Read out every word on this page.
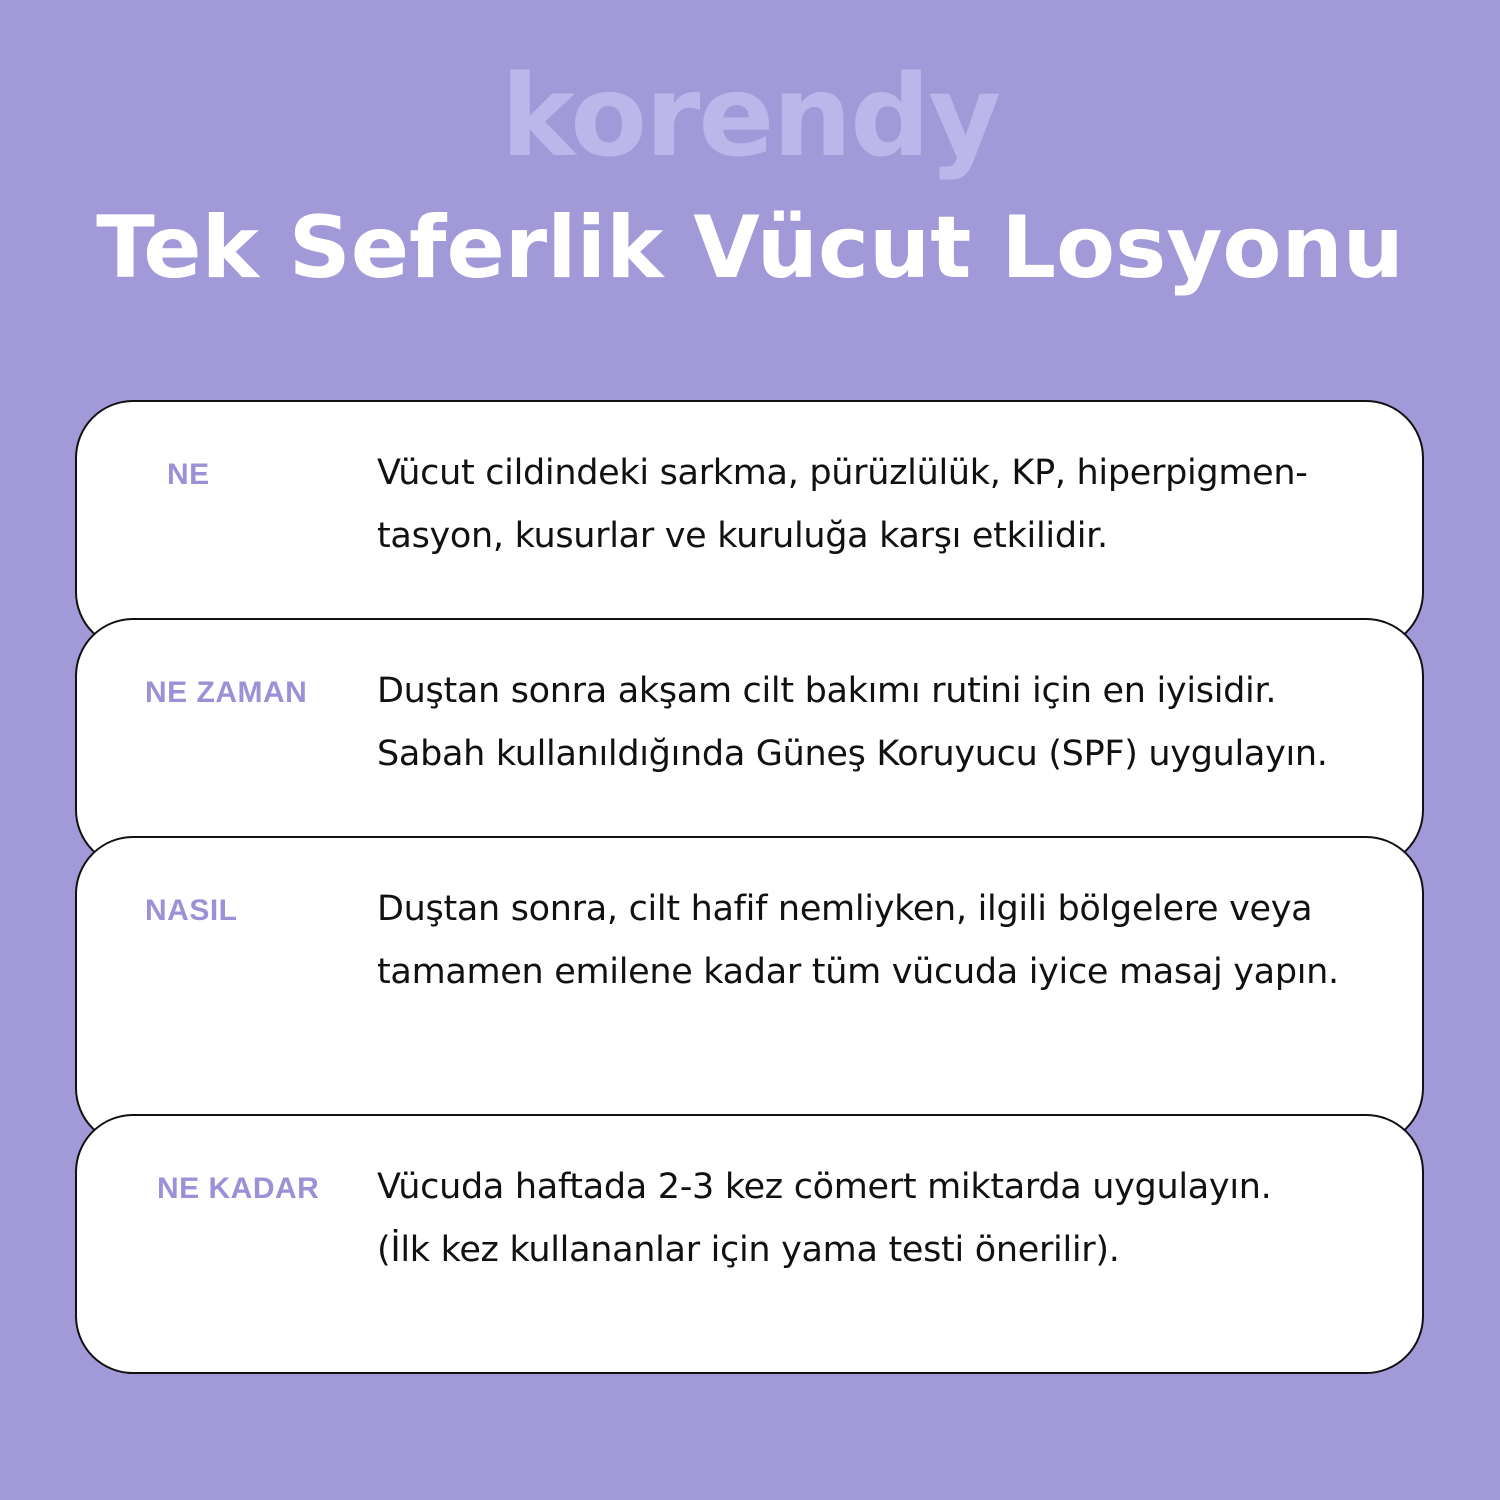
korendy
Tek Seferlik Vücut Losyonu
NE	Vücut cildindeki sarkma, pürüzlülük, KP, hiperpigmen-
tasyon, kusurlar ve kuruluğa karşı etkilidir.
NE ZAMAN Duştan sonra akşam cilt bakımı rutini için en iyisidir.
Sabah kullanıldığında Güneş Koruyucu (SPF) uygulayın.
NASIL	Duştan sonra, cilt hafif nemliyken, ilgili bölgelere veya
tamamen emilene kadar tüm vücuda iyice masaj yapın.
NE KADAR Vücuda haftada 2-3 kez cömert miktarda uygulayın.
(İlk kez kullananlar için yama testi önerilir).
